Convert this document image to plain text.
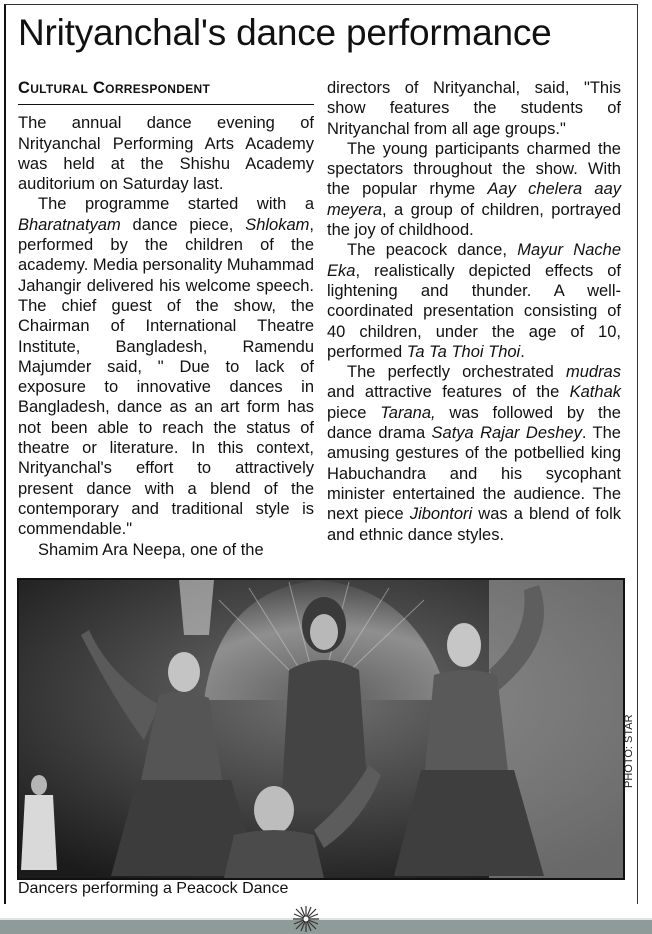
Nrityanchal's dance performance
Cultural Correspondent

The annual dance evening of Nrityanchal Performing Arts Academy was held at the Shishu Academy auditorium on Saturday last.

The programme started with a Bharatnatyam dance piece, Shlokam, performed by the children of the academy. Media personality Muhammad Jahangir delivered his welcome speech. The chief guest of the show, the Chairman of International Theatre Institute, Bangladesh, Ramendu Majumder said, " Due to lack of exposure to innovative dances in Bangladesh, dance as an art form has not been able to reach the status of theatre or literature. In this context, Nrityanchal's effort to attractively present dance with a blend of the contemporary and traditional style is commendable."

Shamim Ara Neepa, one of the

directors of Nrityanchal, said, "This show features the students of Nrityanchal from all age groups."

The young participants charmed the spectators throughout the show. With the popular rhyme Aay chelera aay meyera, a group of children, portrayed the joy of childhood.

The peacock dance, Mayur Nache Eka, realistically depicted effects of lightening and thunder. A well-coordinated presentation consisting of 40 children, under the age of 10, performed Ta Ta Thoi Thoi.

The perfectly orchestrated mudras and attractive features of the Kathak piece Tarana, was followed by the dance drama Satya Rajar Deshey. The amusing gestures of the potbellied king Habuchandra and his sycophant minister entertained the audience. The next piece Jibontori was a blend of folk and ethnic dance styles.

PHOTO: STAR
Dancers performing a Peacock Dance
